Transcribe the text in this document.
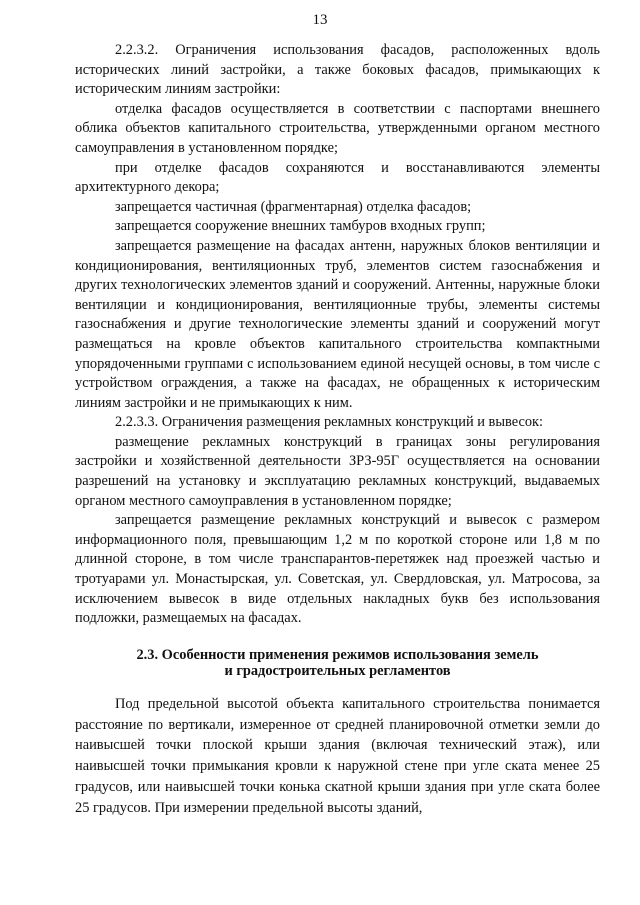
13

2.2.3.2. Ограничения использования фасадов, расположенных вдоль исторических линий застройки, а также боковых фасадов, примыкающих к историческим линиям застройки:

отделка фасадов осуществляется в соответствии с паспортами внешнего облика объектов капитального строительства, утвержденными органом местного самоуправления в установленном порядке;

при отделке фасадов сохраняются и восстанавливаются элементы архитектурного декора;

запрещается частичная (фрагментарная) отделка фасадов;

запрещается сооружение внешних тамбуров входных групп;

запрещается размещение на фасадах антенн, наружных блоков вентиляции и кондиционирования, вентиляционных труб, элементов систем газоснабжения и других технологических элементов зданий и сооружений. Антенны, наружные блоки вентиляции и кондиционирования, вентиляционные трубы, элементы системы газоснабжения и другие технологические элементы зданий и сооружений могут размещаться на кровле объектов капитального строительства компактными упорядоченными группами с использованием единой несущей основы, в том числе с устройством ограждения, а также на фасадах, не обращенных к историческим линиям застройки и не примыкающих к ним.

2.2.3.3. Ограничения размещения рекламных конструкций и вывесок:

размещение рекламных конструкций в границах зоны регулирования застройки и хозяйственной деятельности ЗРЗ-95Г осуществляется на основании разрешений на установку и эксплуатацию рекламных конструкций, выдаваемых органом местного самоуправления в установленном порядке;

запрещается размещение рекламных конструкций и вывесок с размером информационного поля, превышающим 1,2 м по короткой стороне или 1,8 м по длинной стороне, в том числе транспарантов-перетяжек над проезжей частью и тротуарами ул. Монастырская, ул. Советская, ул. Свердловская, ул. Матросова, за исключением вывесок в виде отдельных накладных букв без использования подложки, размещаемых на фасадах.

2.3. Особенности применения режимов использования земель
и градостроительных регламентов

Под предельной высотой объекта капитального строительства понимается расстояние по вертикали, измеренное от средней планировочной отметки земли до наивысшей точки плоской крыши здания (включая технический этаж), или наивысшей точки примыкания кровли к наружной стене при угле ската менее 25 градусов, или наивысшей точки конька скатной крыши здания при угле ската более 25 градусов. При измерении предельной высоты зданий,
